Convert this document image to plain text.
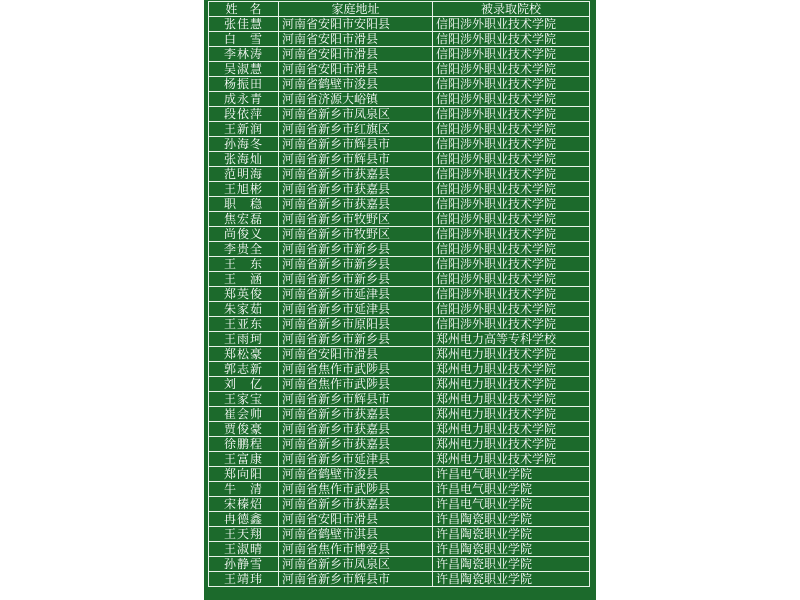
姓　名	家庭地址	被录取院校
张佳慧	河南省安阳市安阳县	信阳涉外职业技术学院
白　雪	河南省安阳市滑县	信阳涉外职业技术学院
李林涛	河南省安阳市滑县	信阳涉外职业技术学院
吴淑慧	河南省安阳市滑县	信阳涉外职业技术学院
杨振田	河南省鹤壁市浚县	信阳涉外职业技术学院
成永青	河南省济源大峪镇	信阳涉外职业技术学院
段依萍	河南省新乡市凤泉区	信阳涉外职业技术学院
王新润	河南省新乡市红旗区	信阳涉外职业技术学院
孙海冬	河南省新乡市辉县市	信阳涉外职业技术学院
张海灿	河南省新乡市辉县市	信阳涉外职业技术学院
范明海	河南省新乡市获嘉县	信阳涉外职业技术学院
王旭彬	河南省新乡市获嘉县	信阳涉外职业技术学院
职　稳	河南省新乡市获嘉县	信阳涉外职业技术学院
焦宏磊	河南省新乡市牧野区	信阳涉外职业技术学院
尚俊义	河南省新乡市牧野区	信阳涉外职业技术学院
李贵全	河南省新乡市新乡县	信阳涉外职业技术学院
王　东	河南省新乡市新乡县	信阳涉外职业技术学院
王　涵	河南省新乡市新乡县	信阳涉外职业技术学院
郑英俊	河南省新乡市延津县	信阳涉外职业技术学院
朱家茹	河南省新乡市延津县	信阳涉外职业技术学院
王亚东	河南省新乡市原阳县	信阳涉外职业技术学院
王雨珂	河南省新乡市新乡县	郑州电力高等专科学校
郑松豪	河南省安阳市滑县	郑州电力职业技术学院
郭志新	河南省焦作市武陟县	郑州电力职业技术学院
刘　亿	河南省焦作市武陟县	郑州电力职业技术学院
王家宝	河南省新乡市辉县市	郑州电力职业技术学院
崔会帅	河南省新乡市获嘉县	郑州电力职业技术学院
贾俊豪	河南省新乡市获嘉县	郑州电力职业技术学院
徐鹏程	河南省新乡市获嘉县	郑州电力职业技术学院
王富康	河南省新乡市延津县	郑州电力职业技术学院
郑向阳	河南省鹤壁市浚县	许昌电气职业学院
牛　清	河南省焦作市武陟县	许昌电气职业学院
宋榛炤	河南省新乡市获嘉县	许昌电气职业学院
冉德鑫	河南省安阳市滑县	许昌陶瓷职业学院
王天翔	河南省鹤壁市淇县	许昌陶瓷职业学院
王淑晴	河南省焦作市博爱县	许昌陶瓷职业学院
孙静雪	河南省新乡市凤泉区	许昌陶瓷职业学院
王靖玮	河南省新乡市辉县市	许昌陶瓷职业学院
